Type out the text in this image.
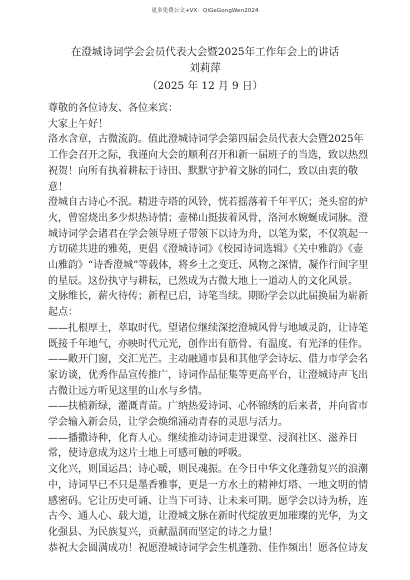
更多免费公文+VX：QiGeGongWen2024
在澄城诗词学会会员代表大会暨2025年工作年会上的讲话
刘莉萍
（2025 年 12 月 9 日）

尊敬的各位诗友、各位来宾：

大家上午好！

洛水含章，古微流韵。值此澄城诗词学会第四届会员代表大会暨2025年工作会召开之际，我谨向大会的顺利召开和新一届班子的当选，致以热烈祝贺！向所有执着耕耘于诗田、默默守护着文脉的同仁，致以由衷的敬意！

澄城自古诗心不泯。精进寺塔的风铃，恍若摇落着千年平仄；尧头窑的炉火，曾窑烧出多少炽热诗情；壶梯山挺拔着风骨，洛河水婉蜒成词脉。澄城诗词学会诸君在学会领导班子带领下以诗为舟，以笔为桨，不仅筑起一方切磋共进的雅苑，更倡《澄城诗词》《校园诗词选辑》《关中雅韵》《壶山雅韵》“诗香澄城”等载体，将乡土之变迁、风物之深情，凝作行间字里的星辰。这份执守与耕耘，已然成为古微大地上一道动人的文化风景。

文脉维长，薪火待传；新程已启，诗笔当续。期盼学会以此届换届为崭新起点：

——扎根厚土，萃取时代。望诸位继续深挖澄城风骨与地域灵韵，让诗笔既接千年地气，亦映时代元光，创作出有筋骨、有温度、有光泽的佳作。

——敞开门窗，交汇光芒。主动融通市县和其他学会诗坛、借力市学会名家访谈，优秀作品宣传推广，诗词作品征集等更高平台，让澄城诗声飞出古微让远方听见这里的山水与乡情。

——扶植新绿，灌溉青苗。广纳热爱诗词、心怀锦绣的后来者，并向省市学会输入新会员，让学会焕绵涌动青春的灵思与活力。

——播撒诗种，化育人心。继续推动诗词走进课堂、浸润社区、滋养日常，使诗意成为这片土地上可感可触的呼吸。

文化兴，则国运昌；诗心暖，则民魂振。在今日中华文化蓬勃复兴的浪潮中，诗词早已不只是墨香雅事，更是一方水土的精神灯塔、一地文明的情感密码。它让历史可诵、让当下可诗、让未来可期。愿学会以诗为桥，连古今、通人心、载大道，让澄城文脉在新时代绽放更加璀璨的光华，为文化强县、为民族复兴，贡献温润而坚定的诗之力量！

恭祝大会圆满成功！祝愿澄城诗词学会生机蓬勃、佳作频出！愿各位诗友
